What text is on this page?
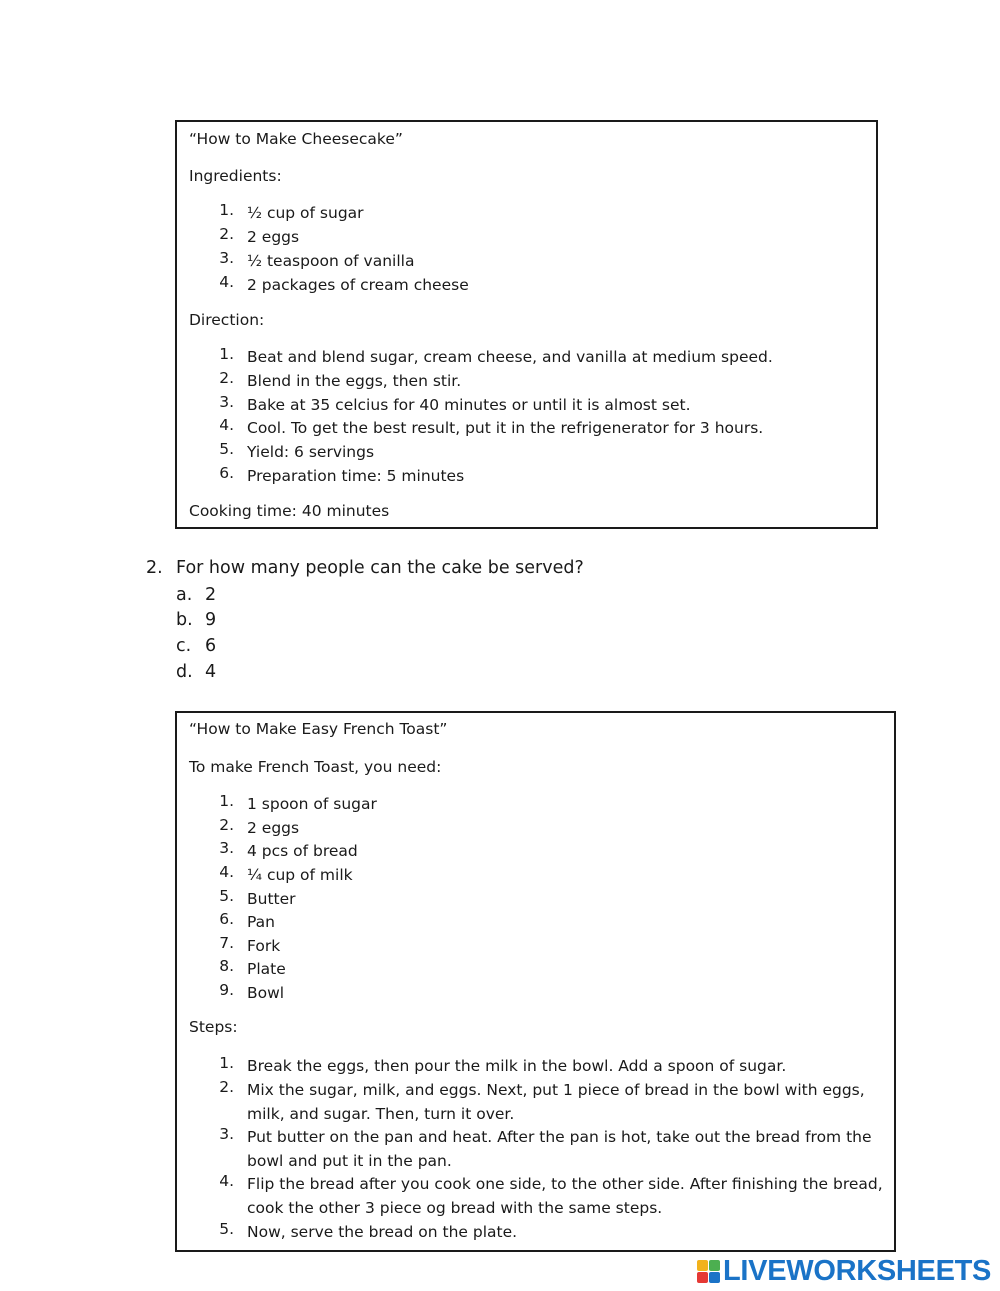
“How to Make Cheesecake”
Ingredients:
1. ½ cup of sugar
2. 2 eggs
3. ½ teaspoon of vanilla
4. 2 packages of cream cheese
Direction:
1. Beat and blend sugar, cream cheese, and vanilla at medium speed.
2. Blend in the eggs, then stir.
3. Bake at 35 celcius for 40 minutes or until it is almost set.
4. Cool. To get the best result, put it in the refrigenerator for 3 hours.
5. Yield: 6 servings
6. Preparation time: 5 minutes
Cooking time: 40 minutes
2. For how many people can the cake be served?
a. 2
b. 9
c. 6
d. 4
“How to Make Easy French Toast”
To make French Toast, you need:
1. 1 spoon of sugar
2. 2 eggs
3. 4 pcs of bread
4. ¼ cup of milk
5. Butter
6. Pan
7. Fork
8. Plate
9. Bowl
Steps:
1. Break the eggs, then pour the milk in the bowl. Add a spoon of sugar.
2. Mix the sugar, milk, and eggs. Next, put 1 piece of bread in the bowl with eggs, milk, and sugar. Then, turn it over.
3. Put butter on the pan and heat. After the pan is hot, take out the bread from the bowl and put it in the pan.
4. Flip the bread after you cook one side, to the other side. After finishing the bread, cook the other 3 piece og bread with the same steps.
5. Now, serve the bread on the plate.
LIVEWORKSHEETS
